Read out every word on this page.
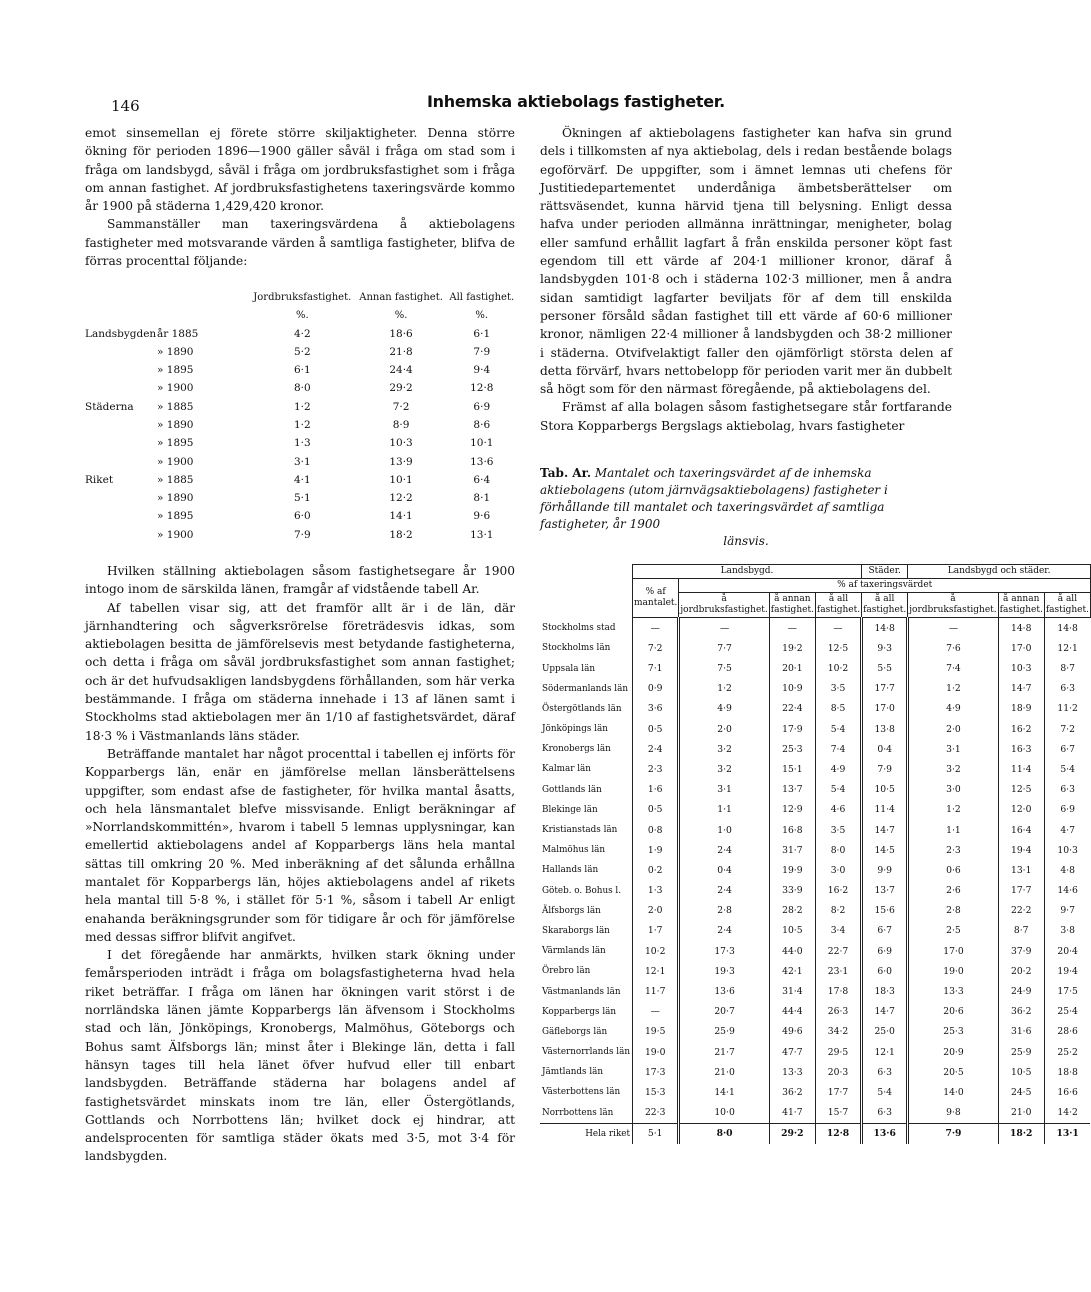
146	Inhemska aktiebolags fastigheter.

emot sinsemellan ej förete större skiljaktigheter. Denna större ökning för perioden 1896—1900 gäller såväl i fråga om stad som i fråga om landsbygd, såväl i fråga om jordbruksfastighet som i fråga om annan fastighet. Af jordbruksfastighetens taxeringsvärde kommo år 1900 på städerna 1,429,420 kronor.

Sammanställer man taxeringsvärdena å aktiebolagens fastigheter med motsvarande värden å samtliga fastigheter, blifva de förras procenttal följande:

		Jordbruksfastighet.	Annan fastighet.	All fastighet.
		%.	%.	%.
Landsbygden	år 1885	4·2	18·6	6·1
	» 1890	5·2	21·8	7·9
	» 1895	6·1	24·4	9·4
	» 1900	8·0	29·2	12·8
Städerna	» 1885	1·2	7·2	6·9
	» 1890	1·2	8·9	8·6
	» 1895	1·3	10·3	10·1
	» 1900	3·1	13·9	13·6
Riket	» 1885	4·1	10·1	6·4
	» 1890	5·1	12·2	8·1
	» 1895	6·0	14·1	9·6
	» 1900	7·9	18·2	13·1

Hvilken ställning aktiebolagen såsom fastighetsegare år 1900 intogo inom de särskilda länen, framgår af vidstående tabell Ar.

Af tabellen visar sig, att det framför allt är i de län, där järnhandtering och sågverksrörelse företrädesvis idkas, som aktiebolagen besitta de jämförelsevis mest betydande fastigheterna, och detta i fråga om såväl jordbruksfastighet som annan fastighet; och är det hufvudsakligen landsbygdens förhållanden, som här verka bestämmande. I fråga om städerna innehade i 13 af länen samt i Stockholms stad aktiebolagen mer än 1/10 af fastighetsvärdet, däraf 18·3 % i Västmanlands läns städer.

Beträffande mantalet har något procenttal i tabellen ej införts för Kopparbergs län, enär en jämförelse mellan länsberättelsens uppgifter, som endast afse de fastigheter, för hvilka mantal åsatts, och hela länsmantalet blefve missvisande. Enligt beräkningar af »Norrlandskommittén», hvarom i tabell 5 lemnas upplysningar, kan emellertid aktiebolagens andel af Kopparbergs läns hela mantal sättas till omkring 20 %. Med inberäkning af det sålunda erhållna mantalet för Kopparbergs län, höjes aktiebolagens andel af rikets hela mantal till 5·8 %, i stället för 5·1 %, såsom i tabell Ar enligt enahanda beräkningsgrunder som för tidigare år och för jämförelse med dessas siffror blifvit angifvet.

I det föregående har anmärkts, hvilken stark ökning under femårsperioden inträdt i fråga om bolagsfastigheterna hvad hela riket beträffar. I fråga om länen har ökningen varit störst i de norrländska länen jämte Kopparbergs län äfvensom i Stockholms stad och län, Jönköpings, Kronobergs, Malmöhus, Göteborgs och Bohus samt Älfsborgs län; minst åter i Blekinge län, detta i fall hänsyn tages till hela länet öfver hufvud eller till enbart landsbygden. Beträffande städerna har bolagens andel af fastighetsvärdet minskats inom tre län, eller Östergötlands, Gottlands och Norrbottens län; hvilket dock ej hindrar, att andelsprocenten för samtliga städer ökats med 3·5, mot 3·4 för landsbygden.

Ökningen af aktiebolagens fastigheter kan hafva sin grund dels i tillkomsten af nya aktiebolag, dels i redan bestående bolags egoförvärf. De uppgifter, som i ämnet lemnas uti chefens för Justitiedepartementet underdåniga ämbetsberättelser om rättsväsendet, kunna härvid tjena till belysning. Enligt dessa hafva under perioden allmänna inrättningar, menigheter, bolag eller samfund erhållit lagfart å från enskilda personer köpt fast egendom till ett värde af 204·1 millioner kronor, däraf å landsbygden 101·8 och i städerna 102·3 millioner, men å andra sidan samtidigt lagfarter beviljats för af dem till enskilda personer försåld sådan fastighet till ett värde af 60·6 millioner kronor, nämligen 22·4 millioner å landsbygden och 38·2 millioner i städerna. Otvifvelaktigt faller den ojämförligt största delen af detta förvärf, hvars nettobelopp för perioden varit mer än dubbelt så högt som för den närmast föregående, på aktiebolagens del.

Främst af alla bolagen såsom fastighetsegare står fortfarande Stora Kopparbergs Bergslags aktiebolag, hvars fastigheter

Tab. Ar. Mantalet och taxeringsvärdet af de inhemska aktiebolagens (utom järnvägsaktiebolagens) fastigheter i förhållande till mantalet och taxeringsvärdet af samtliga fastigheter, år 1900
länsvis.
	Landsbygd.				Städer.	Landsbygd och städer.		
	% af mantalet.	% af taxeringsvärdet						
		å jordbruksfastighet.	å annan fastighet.	å all fastighet.	å all fastighet.	å jordbruksfastighet.	å annan fastighet.	å all fastighet.
Stockholms stad	—	—	—	—	14·8	—	14·8	14·8
Stockholms län	7·2	7·7	19·2	12·5	9·3	7·6	17·0	12·1
Uppsala län	7·1	7·5	20·1	10·2	5·5	7·4	10·3	8·7
Södermanlands län	0·9	1·2	10·9	3·5	17·7	1·2	14·7	6·3
Östergötlands län	3·6	4·9	22·4	8·5	17·0	4·9	18·9	11·2
Jönköpings län	0·5	2·0	17·9	5·4	13·8	2·0	16·2	7·2
Kronobergs län	2·4	3·2	25·3	7·4	0·4	3·1	16·3	6·7
Kalmar län	2·3	3·2	15·1	4·9	7·9	3·2	11·4	5·4
Gottlands län	1·6	3·1	13·7	5·4	10·5	3·0	12·5	6·3
Blekinge län	0·5	1·1	12·9	4·6	11·4	1·2	12·0	6·9
Kristianstads län	0·8	1·0	16·8	3·5	14·7	1·1	16·4	4·7
Malmöhus län	1·9	2·4	31·7	8·0	14·5	2·3	19·4	10·3
Hallands län	0·2	0·4	19·9	3·0	9·9	0·6	13·1	4·8
Göteb. o. Bohus l.	1·3	2·4	33·9	16·2	13·7	2·6	17·7	14·6
Älfsborgs län	2·0	2·8	28·2	8·2	15·6	2·8	22·2	9·7
Skaraborgs län	1·7	2·4	10·5	3·4	6·7	2·5	8·7	3·8
Värmlands län	10·2	17·3	44·0	22·7	6·9	17·0	37·9	20·4
Örebro län	12·1	19·3	42·1	23·1	6·0	19·0	20·2	19·4
Västmanlands län	11·7	13·6	31·4	17·8	18·3	13·3	24·9	17·5
Kopparbergs län	—	20·7	44·4	26·3	14·7	20·6	36·2	25·4
Gäfleborgs län	19·5	25·9	49·6	34·2	25·0	25·3	31·6	28·6
Västernorrlands län	19·0	21·7	47·7	29·5	12·1	20·9	25·9	25·2
Jämtlands län	17·3	21·0	13·3	20·3	6·3	20·5	10·5	18·8
Västerbottens län	15·3	14·1	36·2	17·7	5·4	14·0	24·5	16·6
Norrbottens län	22·3	10·0	41·7	15·7	6·3	9·8	21·0	14·2
Hela riket	5·1	8·0	29·2	12·8	13·6	7·9	18·2	13·1
